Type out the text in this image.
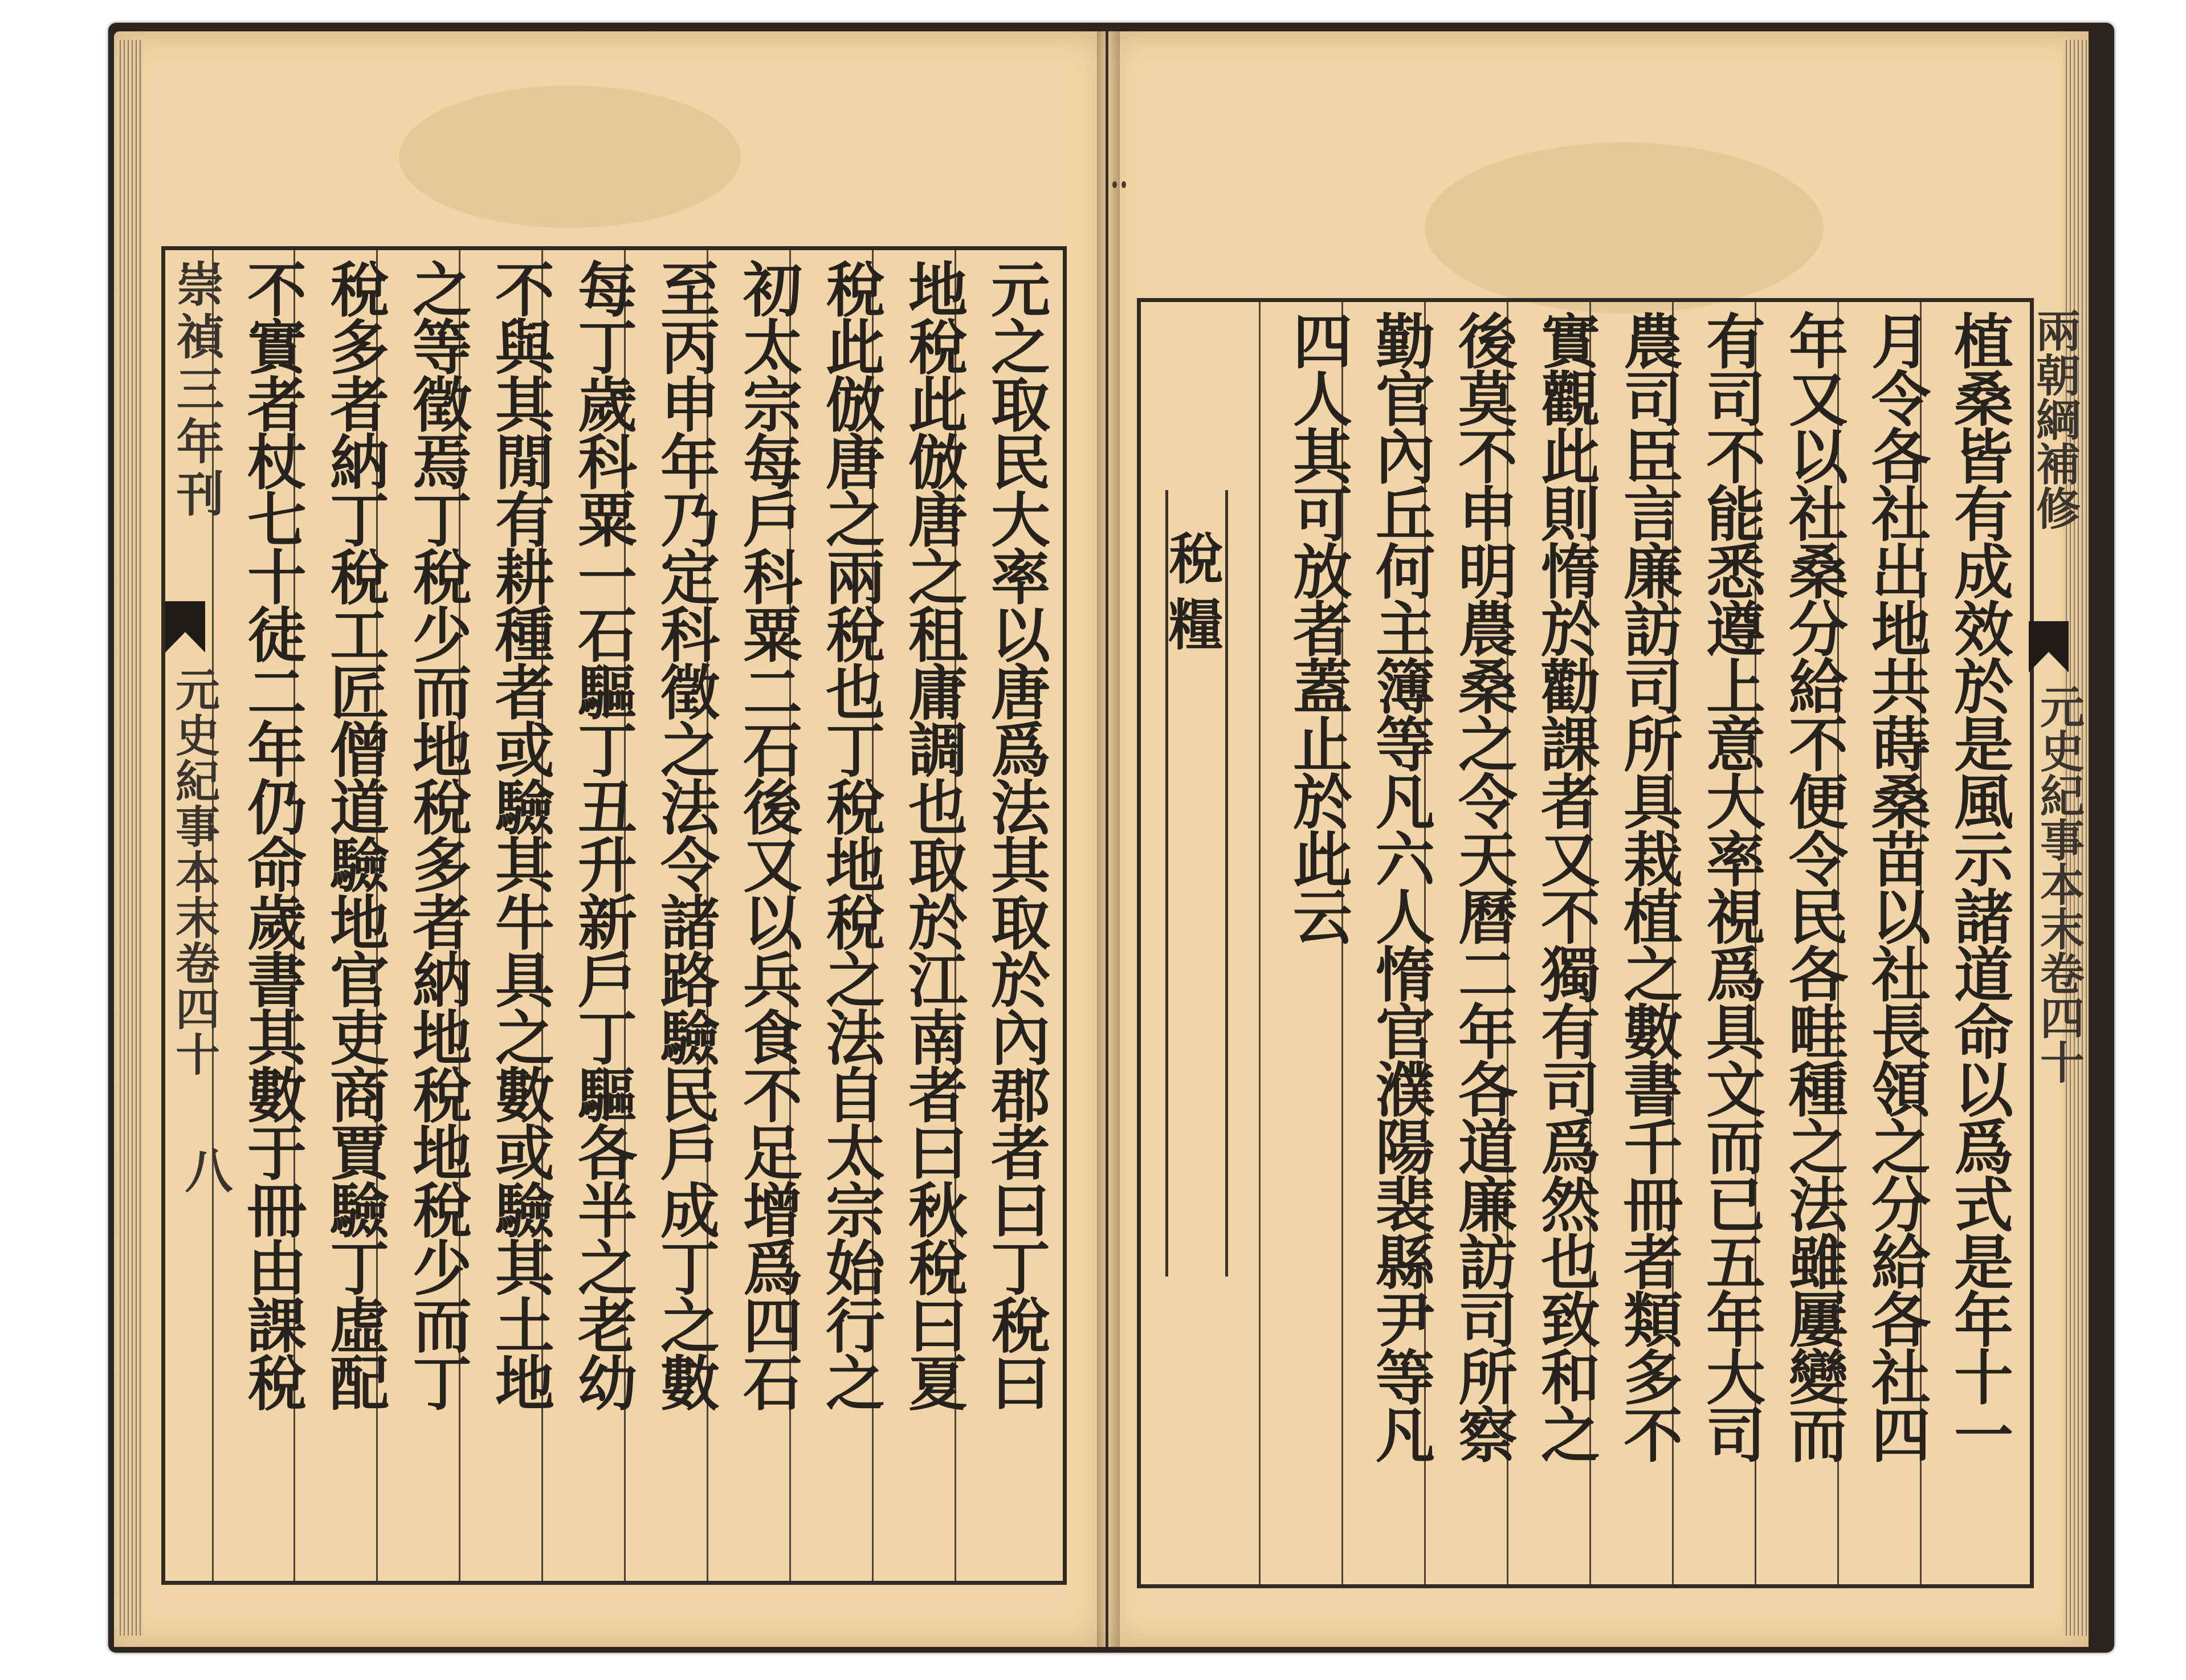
元之取民大率以唐爲法其取於內郡者曰丁稅曰
地稅此倣唐之租庸調也取於江南者曰秋稅曰夏
稅此倣唐之兩稅也丁稅地稅之法自太宗始行之
初太宗每戶科粟二石後又以兵食不足增爲四石
至丙申年乃定科徵之法令諸路驗民戶成丁之數
每丁歲科粟一石驅丁丑升新戶丁驅各半之老幼
不與其閒有耕種者或驗其牛具之數或驗其土地
之等徵焉丁稅少而地稅多者納地稅地稅少而丁
稅多者納丁稅工匠僧道驗地官吏商賈驗丁虛配
不實者杖七十徒二年仍命歲書其數于冊由課稅
崇禎三年刊
元史紀事本末卷四十
八	植桑皆有成效於是風示諸道命以爲式是年十一
月令各社出地共蒔桑苗以社長領之分給各社四
年又以社桑分給不便令民各畦種之法雖屢變而
有司不能悉遵上意大率視爲具文而已五年大司
農司臣言廉訪司所具栽植之數書千冊者類多不
實觀此則惰於勸課者又不獨有司爲然也致和之
後莫不申明農桑之令天曆二年各道廉訪司所察
勤官內丘何主簿等凡六人惰官濮陽裴縣尹等凡
四人其可放者蓋止於此云
稅糧
兩朝綱補修
元史紀事本末卷四十
